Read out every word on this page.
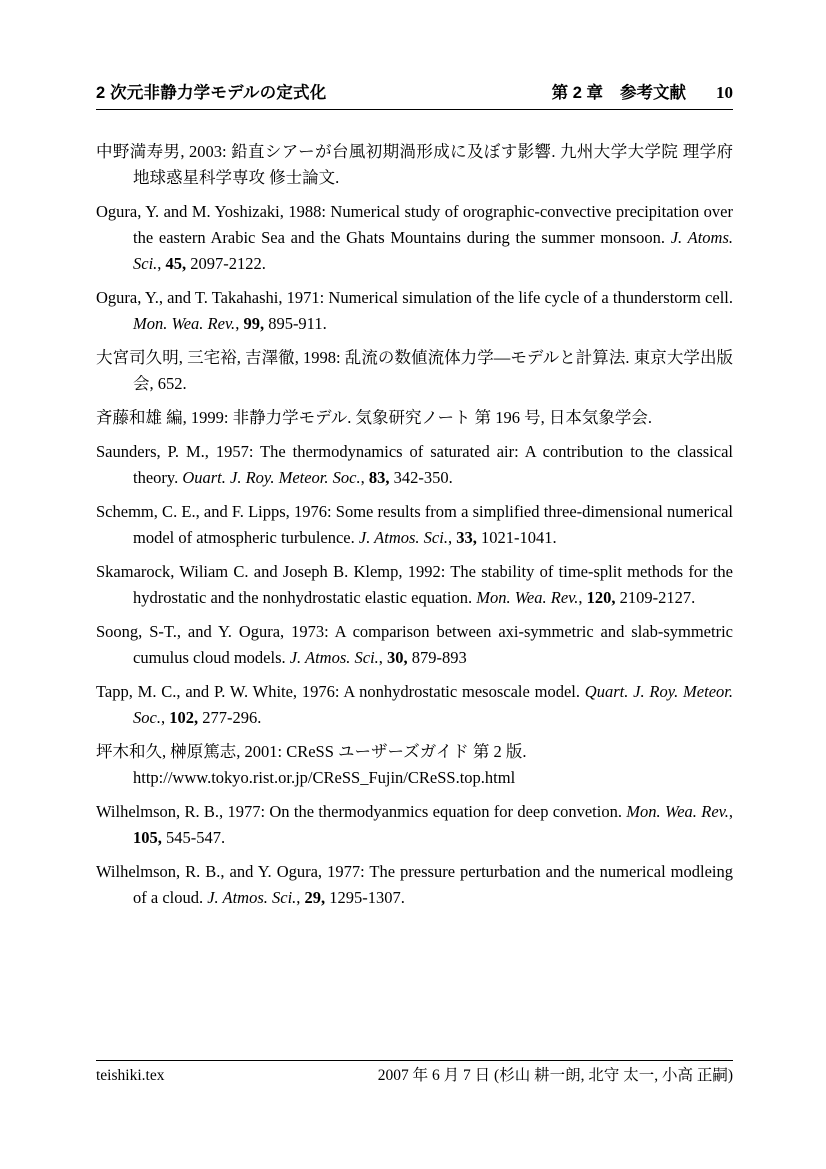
2 次元非静力学モデルの定式化	第 2 章 参考文献 10

中野満寿男, 2003: 鉛直シアーが台風初期渦形成に及ぼす影響. 九州大学大学院 理学府 地球惑星科学専攻 修士論文.

Ogura, Y. and M. Yoshizaki, 1988: Numerical study of orographic-convective precipitation over the eastern Arabic Sea and the Ghats Mountains during the summer monsoon. J. Atoms. Sci., 45, 2097-2122.

Ogura, Y., and T. Takahashi, 1971: Numerical simulation of the life cycle of a thunderstorm cell. Mon. Wea. Rev., 99, 895-911.

大宮司久明, 三宅裕, 吉澤徹, 1998: 乱流の数値流体力学—モデルと計算法. 東京大学出版会, 652.

斉藤和雄 編, 1999: 非静力学モデル. 気象研究ノート 第 196 号, 日本気象学会.

Saunders, P. M., 1957: The thermodynamics of saturated air: A contribution to the classical theory. Ouart. J. Roy. Meteor. Soc., 83, 342-350.

Schemm, C. E., and F. Lipps, 1976: Some results from a simplified three-dimensional numerical model of atmospheric turbulence. J. Atmos. Sci., 33, 1021-1041.

Skamarock, Wiliam C. and Joseph B. Klemp, 1992: The stability of time-split methods for the hydrostatic and the nonhydrostatic elastic equation. Mon. Wea. Rev., 120, 2109-2127.

Soong, S-T., and Y. Ogura, 1973: A comparison between axi-symmetric and slab-symmetric cumulus cloud models. J. Atmos. Sci., 30, 879-893

Tapp, M. C., and P. W. White, 1976: A nonhydrostatic mesoscale model. Quart. J. Roy. Meteor. Soc., 102, 277-296.

坪木和久, 榊原篤志, 2001: CReSS ユーザーズガイド 第 2 版.
http://www.tokyo.rist.or.jp/CReSS_Fujin/CReSS.top.html

Wilhelmson, R. B., 1977: On the thermodyanmics equation for deep convetion. Mon. Wea. Rev., 105, 545-547.

Wilhelmson, R. B., and Y. Ogura, 1977: The pressure perturbation and the numerical modleing of a cloud. J. Atmos. Sci., 29, 1295-1307.

teishiki.tex	2007 年 6 月 7 日 (杉山 耕一朗, 北守 太一, 小高 正嗣)
